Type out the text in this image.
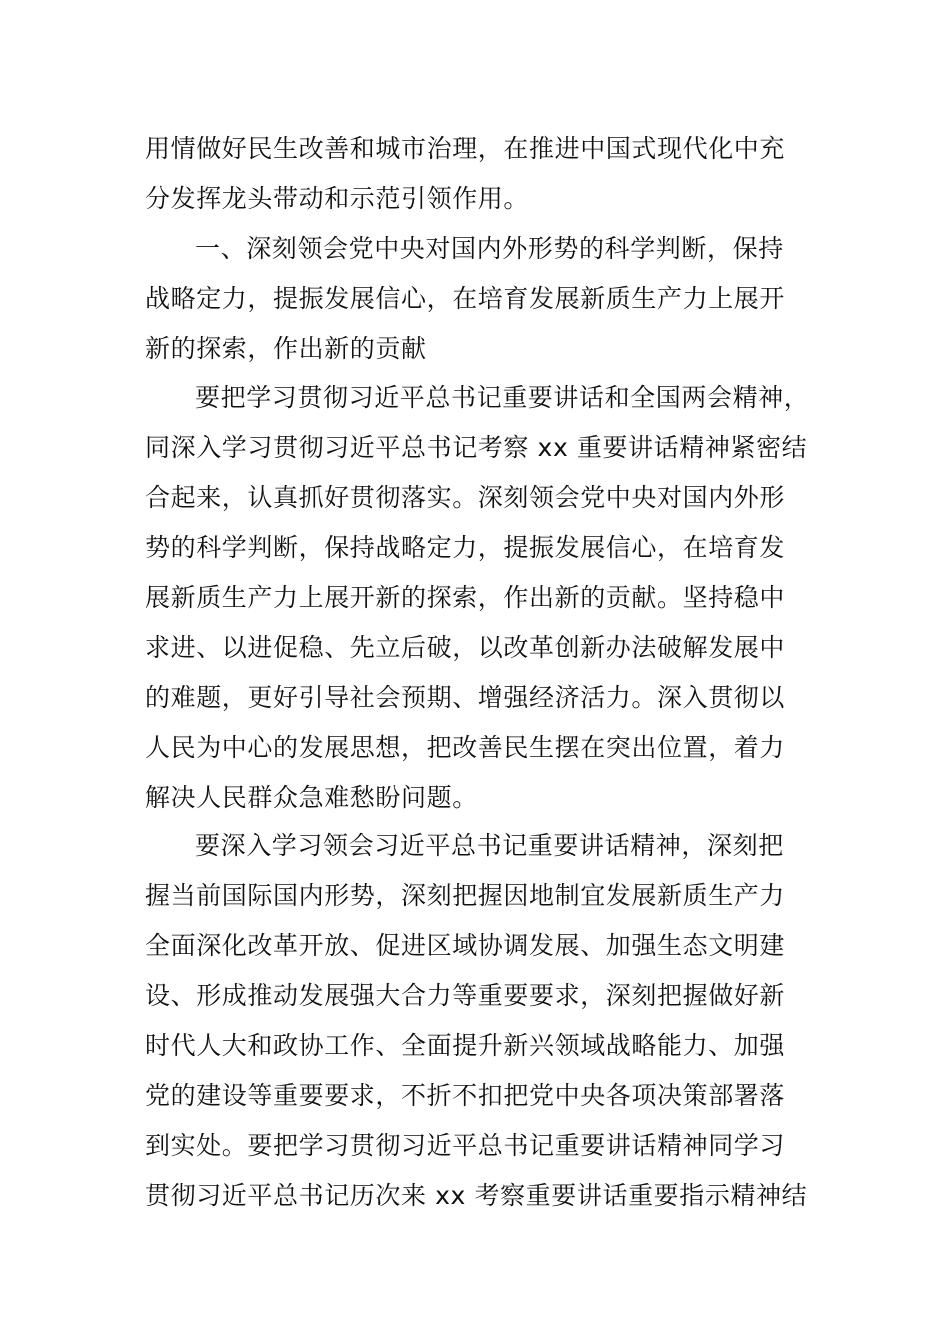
用情做好民生改善和城市治理，在推进中国式现代化中充
分发挥龙头带动和示范引领作用。
一、深刻领会党中央对国内外形势的科学判断，保持
战略定力，提振发展信心，在培育发展新质生产力上展开
新的探索，作出新的贡献
要把学习贯彻习近平总书记重要讲话和全国两会精神，
同深入学习贯彻习近平总书记考察 xx 重要讲话精神紧密结
合起来，认真抓好贯彻落实。深刻领会党中央对国内外形
势的科学判断，保持战略定力，提振发展信心，在培育发
展新质生产力上展开新的探索，作出新的贡献。坚持稳中
求进、以进促稳、先立后破，以改革创新办法破解发展中
的难题，更好引导社会预期、增强经济活力。深入贯彻以
人民为中心的发展思想，把改善民生摆在突出位置，着力
解决人民群众急难愁盼问题。
要深入学习领会习近平总书记重要讲话精神，深刻把
握当前国际国内形势，深刻把握因地制宜发展新质生产力
全面深化改革开放、促进区域协调发展、加强生态文明建
设、形成推动发展强大合力等重要要求，深刻把握做好新
时代人大和政协工作、全面提升新兴领域战略能力、加强
党的建设等重要要求，不折不扣把党中央各项决策部署落
到实处。要把学习贯彻习近平总书记重要讲话精神同学习
贯彻习近平总书记历次来 xx 考察重要讲话重要指示精神结
